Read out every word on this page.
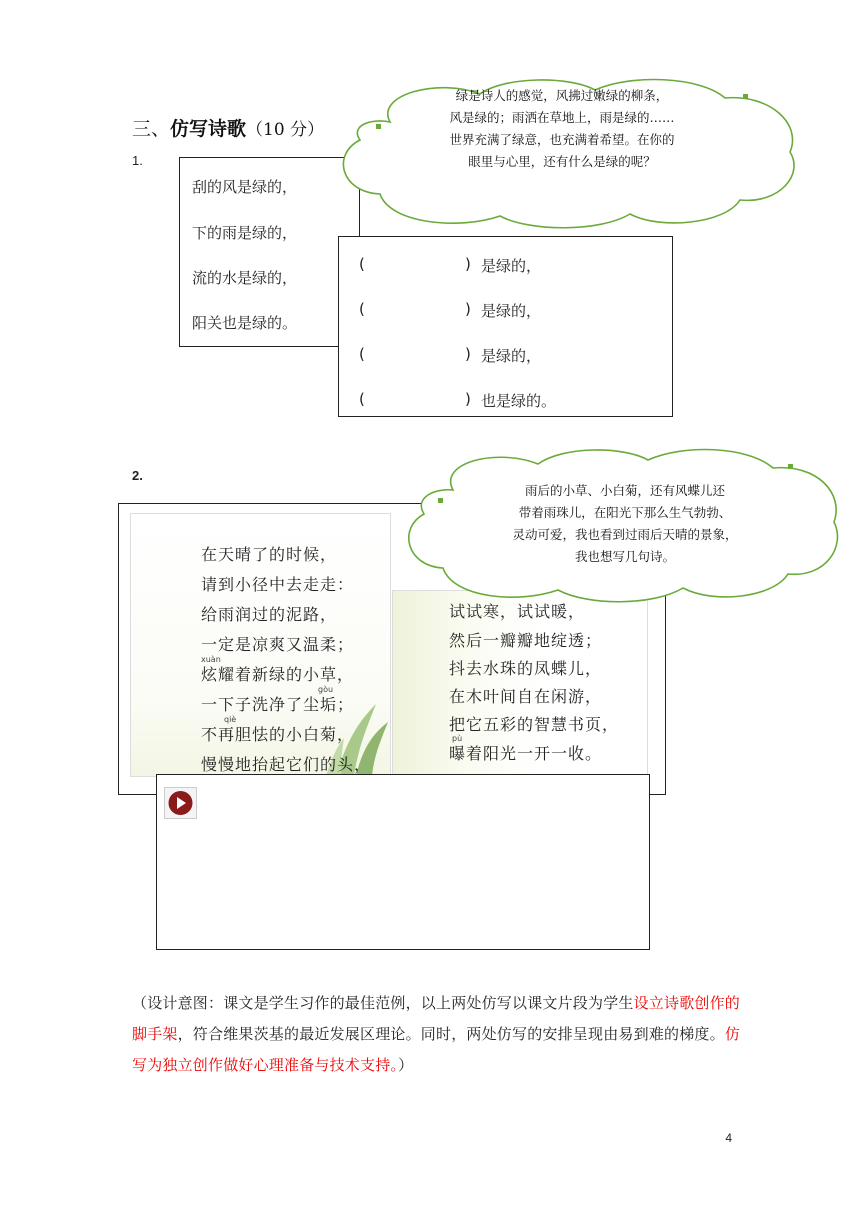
三、仿写诗歌（10 分）
1.
刮的风是绿的，
下的雨是绿的，
流的水是绿的，
阳关也是绿的。
(	) 是绿的，
(	) 是绿的，
(	) 是绿的，
(	) 也是绿的。
绿是诗人的感觉，风拂过嫩绿的柳条，
风是绿的；雨洒在草地上，雨是绿的……
世界充满了绿意，也充满着希望。在你的
眼里与心里，还有什么是绿的呢？
2.
在天晴了的时候，
请到小径中去走走：
给雨润过的泥路，
一定是凉爽又温柔；
xuàn
炫耀着新绿的小草，
gòu
一下子洗净了尘垢；
qiè
不再胆怯的小白菊，
慢慢地抬起它们的头，
试试寒，试试暖，
然后一瓣瓣地绽透；
抖去水珠的凤蝶儿，
在木叶间自在闲游，
把它五彩的智慧书页，
pù
曝着阳光一开一收。
雨后的小草、小白菊，还有风蝶儿还
带着雨珠儿，在阳光下那么生气勃勃、
灵动可爱，我也看到过雨后天晴的景象，
我也想写几句诗。
（设计意图：课文是学生习作的最佳范例，以上两处仿写以课文片段为学生设立诗歌创作的脚手架，符合维果茨基的最近发展区理论。同时，两处仿写的安排呈现由易到难的梯度。仿写为独立创作做好心理准备与技术支持。）
4
